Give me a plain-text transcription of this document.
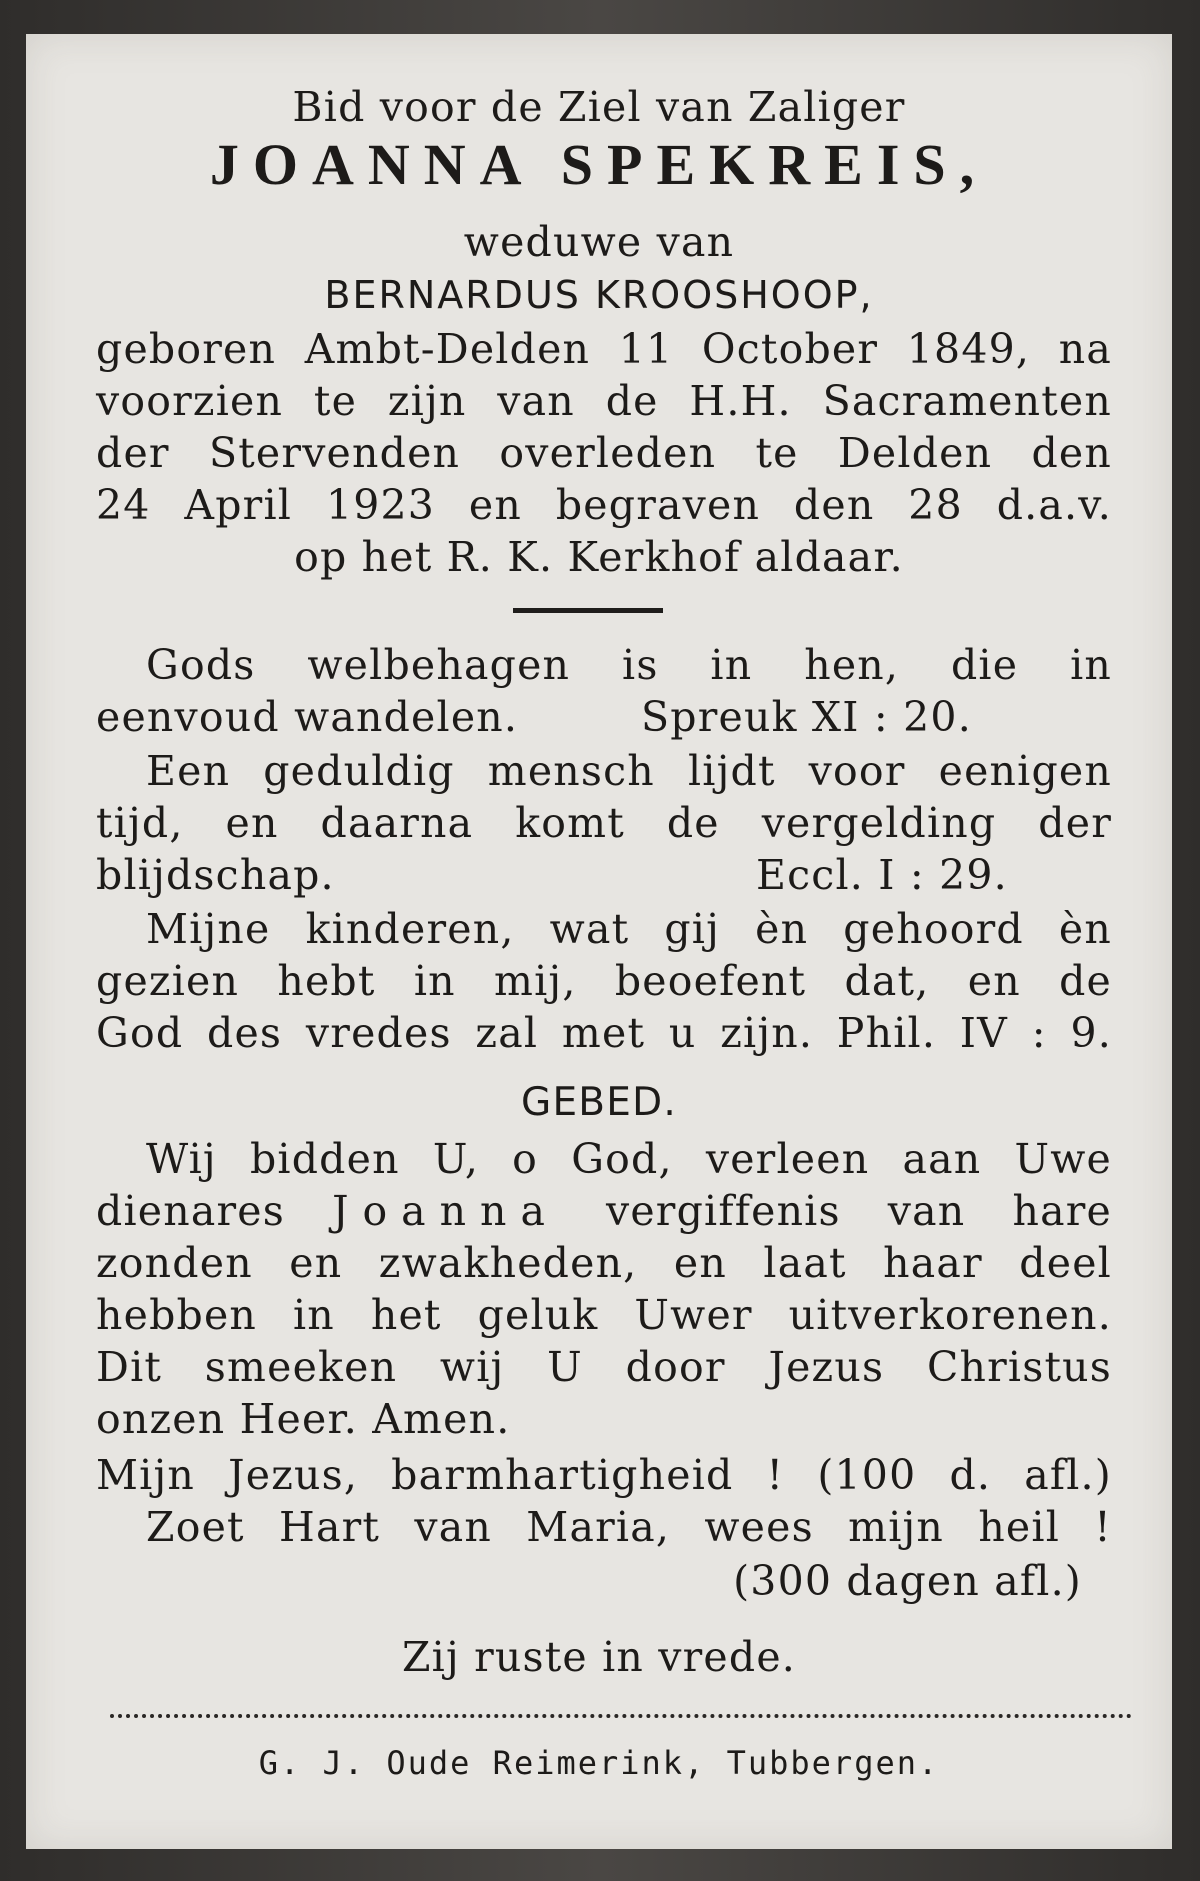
Bid voor de Ziel van Zaliger
JOANNA SPEKREIS,
weduwe van
BERNARDUS KROOSHOOP,
geboren Ambt-Delden 11 October 1849, na
voorzien te zijn van de H.H. Sacramenten
der Stervenden overleden te Delden den
24 April 1923 en begraven den 28 d.a.v.
op het R. K. Kerkhof aldaar.
Gods welbehagen is in hen, die in
eenvoud wandelen.	Spreuk XI : 20.
Een geduldig mensch lijdt voor eenigen
tijd, en daarna komt de vergelding der
blijdschap.	Eccl. I : 29.
Mijne kinderen, wat gij èn gehoord èn
gezien hebt in mij, beoefent dat, en de
God des vredes zal met u zijn. Phil. IV : 9.
GEBED.
Wij bidden U, o God, verleen aan Uwe
dienares Joanna vergiffenis van hare
zonden en zwakheden, en laat haar deel
hebben in het geluk Uwer uitverkorenen.
Dit smeeken wij U door Jezus Christus
onzen Heer. Amen.
Mijn Jezus, barmhartigheid ! (100 d. afl.)
Zoet Hart van Maria, wees mijn heil !
(300 dagen afl.)
Zij ruste in vrede.
G. J. Oude Reimerink, Tubbergen.
